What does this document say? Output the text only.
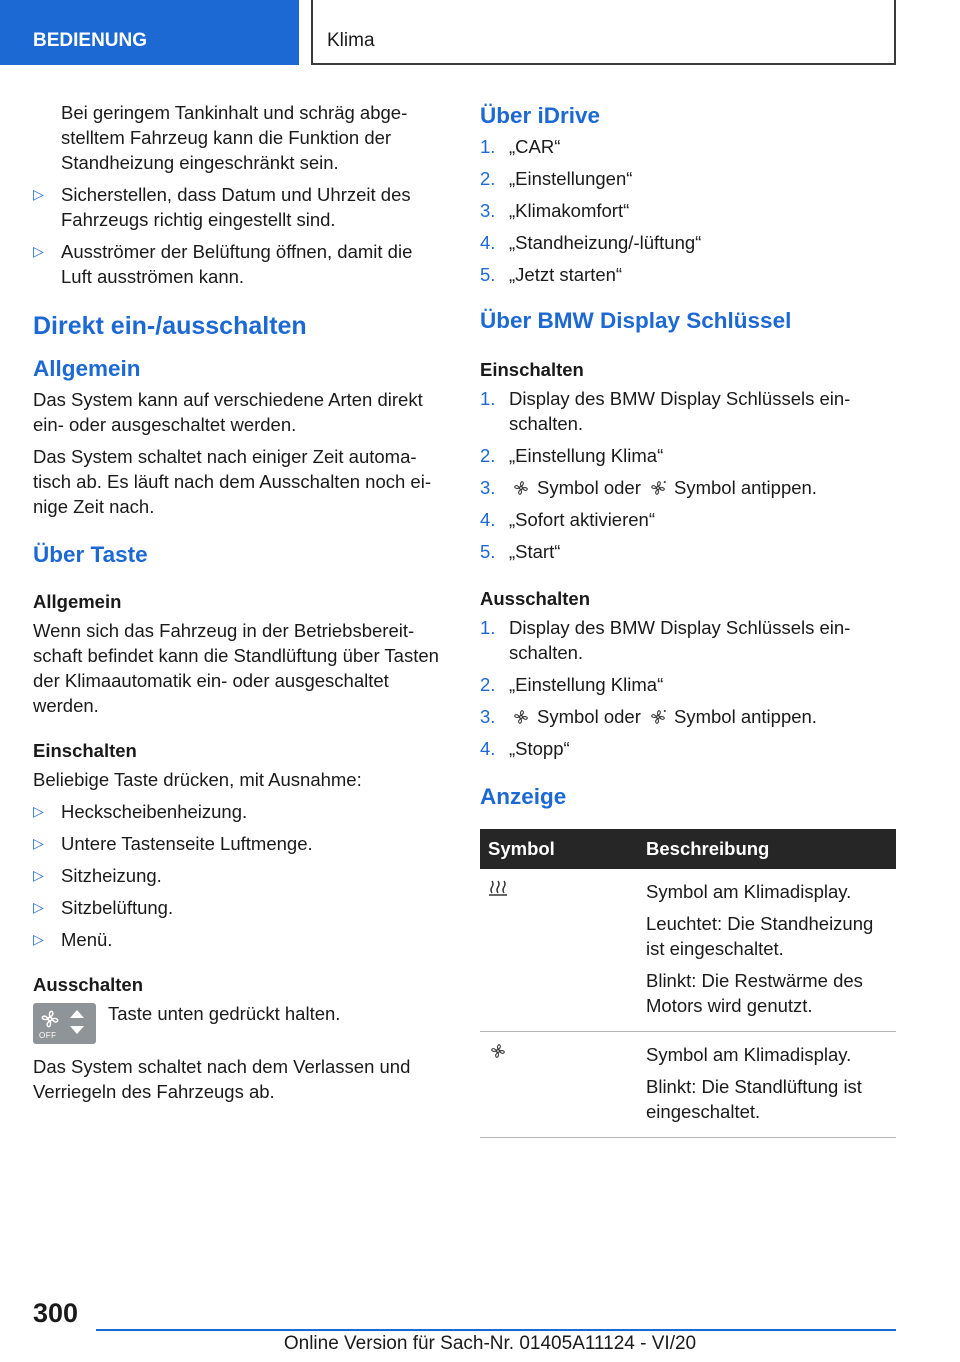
BEDIENUNG	Klima

Bei geringem Tankinhalt und schräg abgestelltem Fahrzeug kann die Funktion der Standheizung eingeschränkt sein.

▷ Sicherstellen, dass Datum und Uhrzeit des Fahrzeugs richtig eingestellt sind.
▷ Ausströmer der Belüftung öffnen, damit die Luft ausströmen kann.
Direkt ein-/ausschalten
Allgemein

Das System kann auf verschiedene Arten direkt ein- oder ausgeschaltet werden.

Das System schaltet nach einiger Zeit automatisch ab. Es läuft nach dem Ausschalten noch einige Zeit nach.

Über Taste
Allgemein

Wenn sich das Fahrzeug in der Betriebsbereitschaft befindet kann die Standlüftung über Tasten der Klimaautomatik ein- oder ausgeschaltet werden.

Einschalten

Beliebige Taste drücken, mit Ausnahme:

▷ Heckscheibenheizung.
▷ Untere Tastenseite Luftmenge.
▷ Sitzheizung.
▷ Sitzbelüftung.
▷ Menü.
Ausschalten
OFF

Taste unten gedrückt halten.

Das System schaltet nach dem Verlassen und Verriegeln des Fahrzeugs ab.

Über iDrive
1. „CAR“
2. „Einstellungen“
3. „Klimakomfort“
4. „Standheizung/-lüftung“
5. „Jetzt starten“
Über BMW Display Schlüssel
Einschalten
1. Display des BMW Display Schlüssels einschalten.
2. „Einstellung Klima“
3. Symbol oder Symbol antippen.
4. „Sofort aktivieren“
5. „Start“
Ausschalten
1. Display des BMW Display Schlüssels einschalten.
2. „Einstellung Klima“
3. Symbol oder Symbol antippen.
4. „Stopp“
Anzeige
Symbol	Beschreibung

Symbol am Klimadisplay.

Leuchtet: Die Standheizung ist eingeschaltet.

Blinkt: Die Restwärme des Motors wird genutzt.

Symbol am Klimadisplay.

Blinkt: Die Standlüftung ist eingeschaltet.

300
Online Version für Sach-Nr. 01405A11124 - VI/20
